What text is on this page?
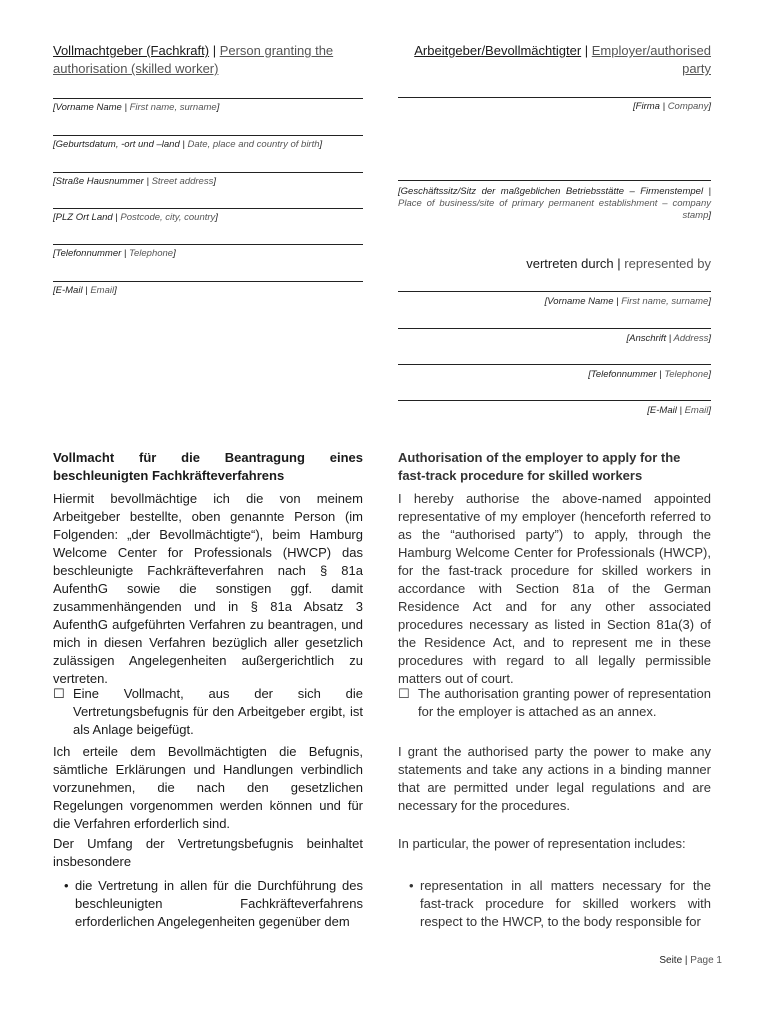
Vollmachtgeber (Fachkraft) | Person granting the authorisation (skilled worker)
[Vorname Name | First name, surname]
[Geburtsdatum, -ort und –land | Date, place and country of birth]
[Straße Hausnummer | Street address]
[PLZ Ort Land | Postcode, city, country]
[Telefonnummer | Telephone]
[E-Mail | Email]
Vollmacht für die Beantragung eines beschleunigten Fachkräfteverfahrens

Hiermit bevollmächtige ich die von meinem Arbeitgeber bestellte, oben genannte Person (im Folgenden: „der Bevollmächtigte“), beim Hamburg Welcome Center for Professionals (HWCP) das beschleunigte Fachkräfteverfahren nach § 81a AufenthG sowie die sonstigen ggf. damit zusammenhängenden und in § 81a Absatz 3 AufenthG aufgeführten Verfahren zu beantragen, und mich in diesen Verfahren bezüglich aller gesetzlich zulässigen Angelegenheiten außergerichtlich zu vertreten.

☐ Eine Vollmacht, aus der sich die Vertretungsbefugnis für den Arbeitgeber ergibt, ist als Anlage beigefügt.

Ich erteile dem Bevollmächtigten die Befugnis, sämtliche Erklärungen und Handlungen verbindlich vorzunehmen, die nach den gesetzlichen Regelungen vorgenommen werden können und für die Verfahren erforderlich sind.

Der Umfang der Vertretungsbefugnis beinhaltet insbesondere

• die Vertretung in allen für die Durchführung des beschleunigten Fachkräfteverfahrens erforderlichen Angelegenheiten gegenüber dem
Arbeitgeber/Bevollmächtigter | Employer/authorised party
[Firma | Company]
[Geschäftssitz/Sitz der maßgeblichen Betriebsstätte – Firmenstempel | Place of business/site of primary permanent establishment – company stamp]
vertreten durch | represented by
[Vorname Name | First name, surname]
[Anschrift | Address]
[Telefonnummer | Telephone]
[E-Mail | Email]
Authorisation of the employer to apply for the fast-track procedure for skilled workers

I hereby authorise the above-named appointed representative of my employer (henceforth referred to as the “authorised party”) to apply, through the Hamburg Welcome Center for Professionals (HWCP), for the fast-track procedure for skilled workers in accordance with Section 81a of the German Residence Act and for any other associated procedures necessary as listed in Section 81a(3) of the Residence Act, and to represent me in these procedures with regard to all legally permissible matters out of court.

☐ The authorisation granting power of representation for the employer is attached as an annex.

I grant the authorised party the power to make any statements and take any actions in a binding manner that are permitted under legal regulations and are necessary for the procedures.

In particular, the power of representation includes:

• representation in all matters necessary for the fast-track procedure for skilled workers with respect to the HWCP, to the body responsible for
Seite | Page 1
